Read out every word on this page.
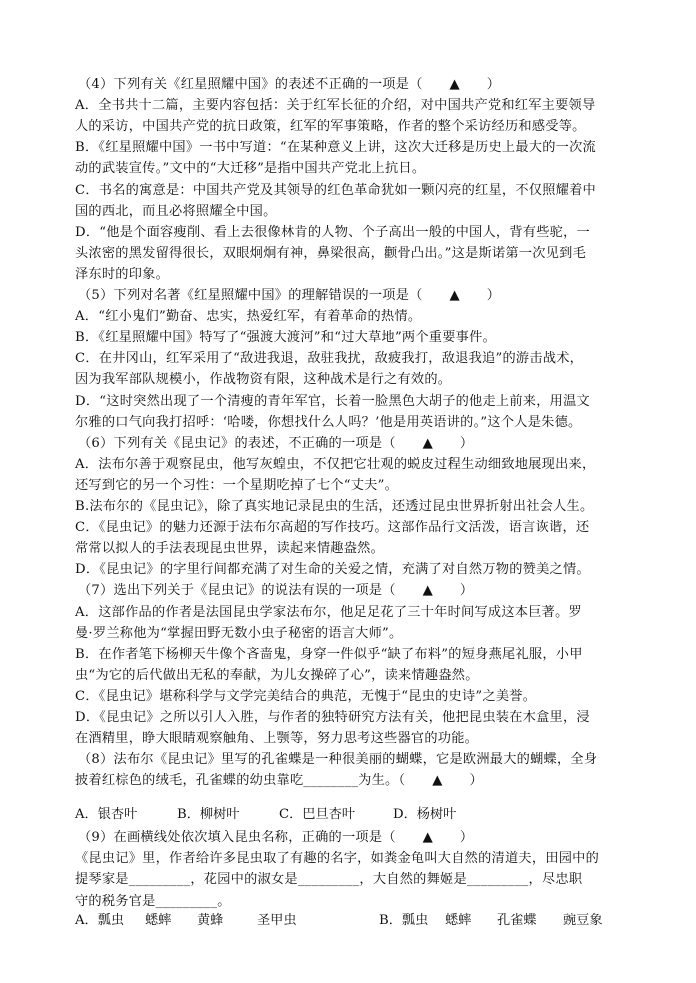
（4）下列有关《红星照耀中国》的表述不正确的一项是（　　▲　　）
A．全书共十二篇，主要内容包括：关于红军长征的介绍，对中国共产党和红军主要领导
人的采访，中国共产党的抗日政策，红军的军事策略，作者的整个采访经历和感受等。
B．《红星照耀中国》一书中写道：“在某种意义上讲，这次大迁移是历史上最大的一次流
动的武装宣传。”文中的“大迁移”是指中国共产党北上抗日。
C．书名的寓意是：中国共产党及其领导的红色革命犹如一颗闪亮的红星，不仅照耀着中
国的西北，而且必将照耀全中国。
D．“他是个面容瘦削、看上去很像林肯的人物、个子高出一般的中国人，背有些驼，一
头浓密的黑发留得很长，双眼炯炯有神，鼻梁很高，颧骨凸出。”这是斯诺第一次见到毛
泽东时的印象。
（5）下列对名著《红星照耀中国》的理解错误的一项是（　　▲　　）
A．“红小鬼们”勤奋、忠实，热爱红军，有着革命的热情。
B．《红星照耀中国》特写了“强渡大渡河”和“过大草地”两个重要事件。
C．在井冈山，红军采用了“敌进我退，敌驻我扰，敌疲我打，敌退我追”的游击战术，
因为我军部队规模小，作战物资有限，这种战术是行之有效的。
D．“这时突然出现了一个清瘦的青年军官，长着一脸黑色大胡子的他走上前来，用温文
尔雅的口气向我打招呼：‘哈喽，你想找什么人吗？’他是用英语讲的。”这个人是朱德。
（6）下列有关《昆虫记》的表述，不正确的一项是（　　▲　　）
A．法布尔善于观察昆虫，他写灰蝗虫，不仅把它壮观的蜕皮过程生动细致地展现出来，
还写到它的另一个习性：一个星期吃掉了七个“丈夫”。
B.法布尔的《昆虫记》，除了真实地记录昆虫的生活，还透过昆虫世界折射出社会人生。
C．《昆虫记》的魅力还源于法布尔高超的写作技巧。这部作品行文活泼，语言诙谐，还
常常以拟人的手法表现昆虫世界，读起来情趣盎然。
D．《昆虫记》的字里行间都充满了对生命的关爱之情，充满了对自然万物的赞美之情。
（7）选出下列关于《昆虫记》的说法有误的一项是（　　▲　　）
A．这部作品的作者是法国昆虫学家法布尔，他足足花了三十年时间写成这本巨著。罗
曼·罗兰称他为“掌握田野无数小虫子秘密的语言大师”。
B．在作者笔下杨柳天牛像个吝啬鬼，身穿一件似乎“缺了布料”的短身燕尾礼服，小甲
虫“为它的后代做出无私的奉献，为儿女操碎了心”，读来情趣盎然。
C．《昆虫记》堪称科学与文学完美结合的典范，无愧于“昆虫的史诗”之美誉。
D．《昆虫记》之所以引人入胜，与作者的独特研究方法有关，他把昆虫装在木盒里，浸
在酒精里，睁大眼睛观察触角、上颚等，努力思考这些器官的功能。
（8）法布尔《昆虫记》里写的孔雀蝶是一种很美丽的蝴蝶，它是欧洲最大的蝴蝶，全身
披着红棕色的绒毛，孔雀蝶的幼虫靠吃________为生。（　　▲　　）
A．银杏叶	B．柳树叶	C．巴旦杏叶	D．杨树叶
（9）在画横线处依次填入昆虫名称，正确的一项是（　　▲　　）
《昆虫记》里，作者给许多昆虫取了有趣的名字，如粪金龟叫大自然的清道夫，田园中的
提琴家是_________，花园中的淑女是_________，大自然的舞姬是_________，尽忠职
守的税务官是_________。
A．瓢虫 蟋蟀 黄蜂	圣甲虫	B．瓢虫 蟋蟀 孔雀蝶 豌豆象
